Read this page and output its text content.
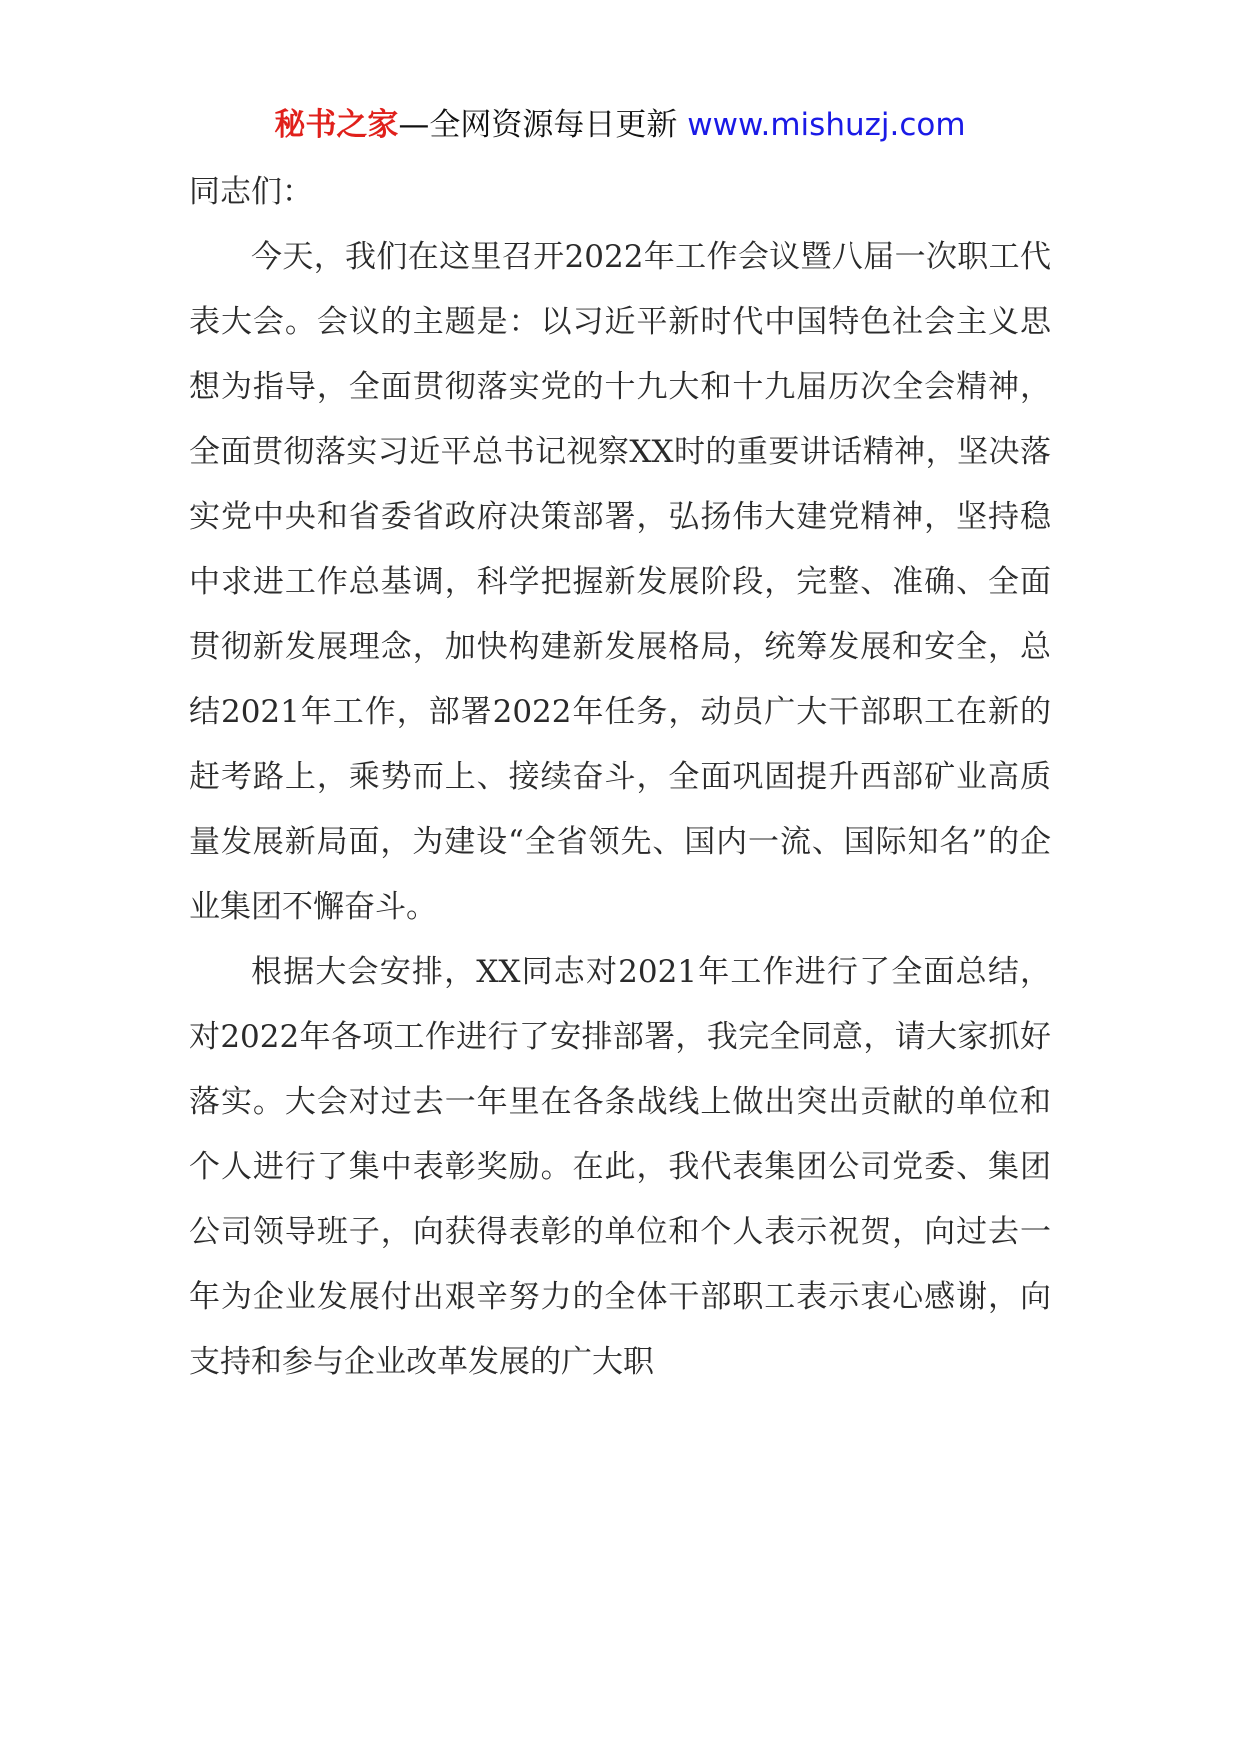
秘书之家—全网资源每日更新 www.mishuzj.com

同志们：

今天，我们在这里召开2022年工作会议暨八届一次职工代表大会。会议的主题是：以习近平新时代中国特色社会主义思想为指导，全面贯彻落实党的十九大和十九届历次全会精神，全面贯彻落实习近平总书记视察XX时的重要讲话精神，坚决落实党中央和省委省政府决策部署，弘扬伟大建党精神，坚持稳中求进工作总基调，科学把握新发展阶段，完整、准确、全面贯彻新发展理念，加快构建新发展格局，统筹发展和安全，总结2021年工作，部署2022年任务，动员广大干部职工在新的赶考路上，乘势而上、接续奋斗，全面巩固提升西部矿业高质量发展新局面，为建设“全省领先、国内一流、国际知名”的企业集团不懈奋斗。

根据大会安排，XX同志对2021年工作进行了全面总结，对2022年各项工作进行了安排部署，我完全同意，请大家抓好落实。大会对过去一年里在各条战线上做出突出贡献的单位和个人进行了集中表彰奖励。在此，我代表集团公司党委、集团公司领导班子，向获得表彰的单位和个人表示祝贺，向过去一年为企业发展付出艰辛努力的全体干部职工表示衷心感谢，向支持和参与企业改革发展的广大职
